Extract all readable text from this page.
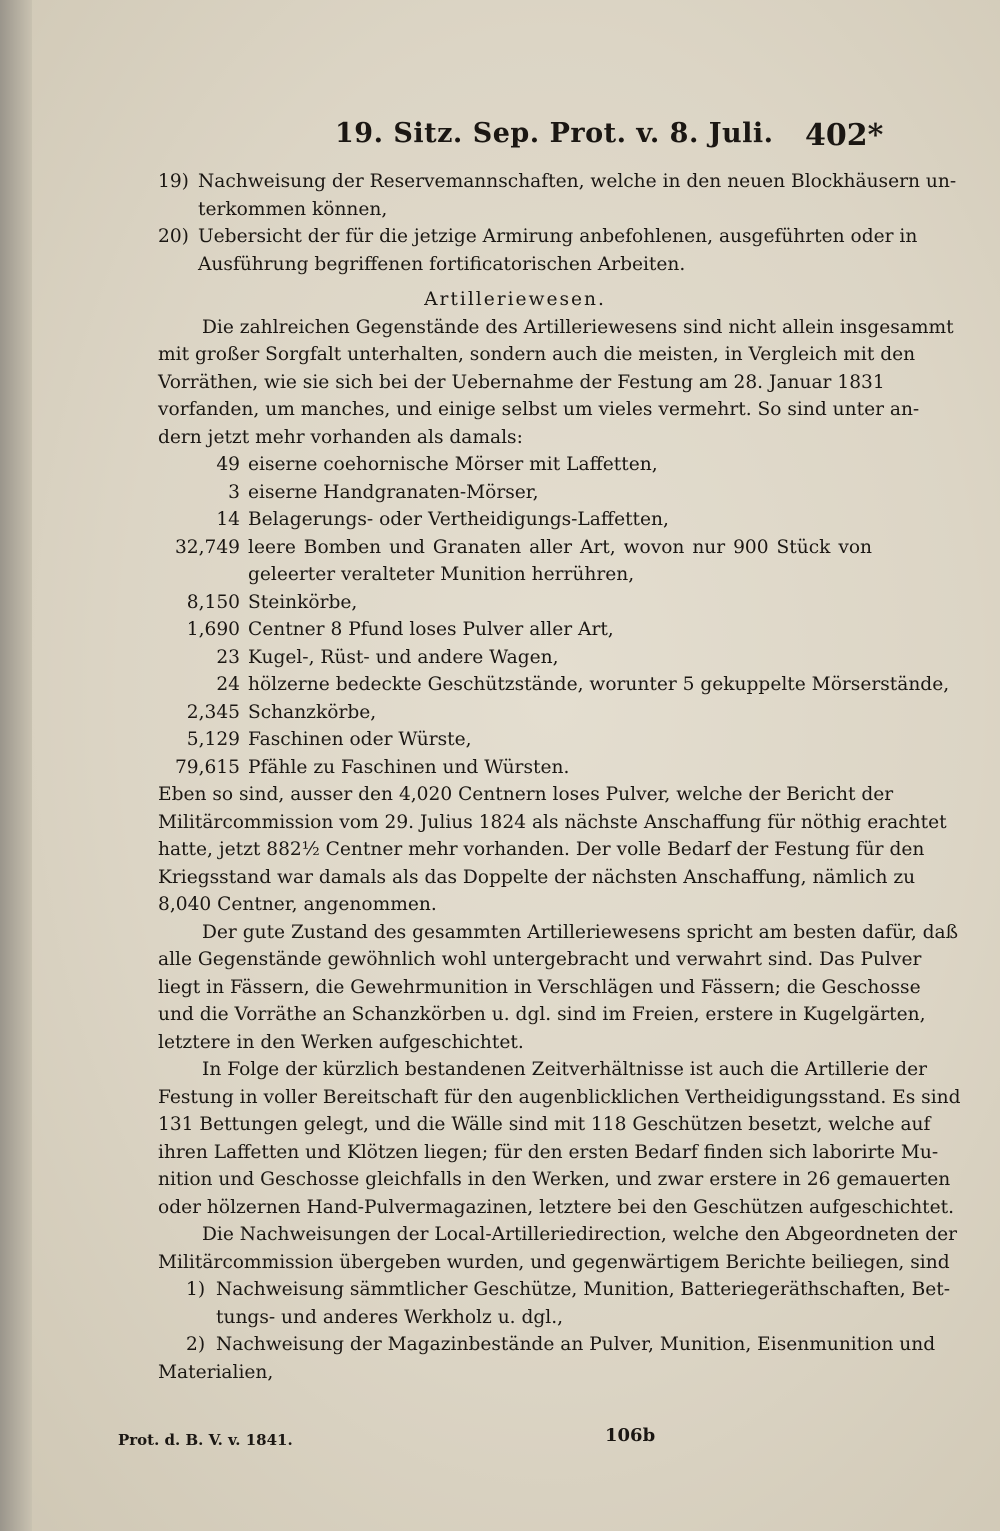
19. Sitz. Sep. Prot. v. 8. Juli. 402*
19) Nachweisung der Reservemannschaften, welche in den neuen Blockhäusern un-
terkommen können,
20) Uebersicht der für die jetzige Armirung anbefohlenen, ausgeführten oder in
Ausführung begriffenen fortificatorischen Arbeiten.
Artilleriewesen.
Die zahlreichen Gegenstände des Artilleriewesens sind nicht allein insgesammt
mit großer Sorgfalt unterhalten, sondern auch die meisten, in Vergleich mit den
Vorräthen, wie sie sich bei der Uebernahme der Festung am 28. Januar 1831
vorfanden, um manches, und einige selbst um vieles vermehrt. So sind unter an-
dern jetzt mehr vorhanden als damals:
49 eiserne coehornische Mörser mit Laffetten,
3 eiserne Handgranaten-Mörser,
14 Belagerungs- oder Vertheidigungs-Laffetten,
32,749 leere Bomben und Granaten aller Art, wovon nur 900 Stück von
geleerter veralteter Munition herrühren,
8,150 Steinkörbe,
1,690 Centner 8 Pfund loses Pulver aller Art,
23 Kugel-, Rüst- und andere Wagen,
24 hölzerne bedeckte Geschützstände, worunter 5 gekuppelte Mörserstände,
2,345 Schanzkörbe,
5,129 Faschinen oder Würste,
79,615 Pfähle zu Faschinen und Würsten.
Eben so sind, ausser den 4,020 Centnern loses Pulver, welche der Bericht der
Militärcommission vom 29. Julius 1824 als nächste Anschaffung für nöthig erachtet
hatte, jetzt 882½ Centner mehr vorhanden. Der volle Bedarf der Festung für den
Kriegsstand war damals als das Doppelte der nächsten Anschaffung, nämlich zu
8,040 Centner, angenommen.
Der gute Zustand des gesammten Artilleriewesens spricht am besten dafür, daß
alle Gegenstände gewöhnlich wohl untergebracht und verwahrt sind. Das Pulver
liegt in Fässern, die Gewehrmunition in Verschlägen und Fässern; die Geschosse
und die Vorräthe an Schanzkörben u. dgl. sind im Freien, erstere in Kugelgärten,
letztere in den Werken aufgeschichtet.
In Folge der kürzlich bestandenen Zeitverhältnisse ist auch die Artillerie der
Festung in voller Bereitschaft für den augenblicklichen Vertheidigungsstand. Es sind
131 Bettungen gelegt, und die Wälle sind mit 118 Geschützen besetzt, welche auf
ihren Laffetten und Klötzen liegen; für den ersten Bedarf finden sich laborirte Mu-
nition und Geschosse gleichfalls in den Werken, und zwar erstere in 26 gemauerten
oder hölzernen Hand-Pulvermagazinen, letztere bei den Geschützen aufgeschichtet.
Die Nachweisungen der Local-Artilleriedirection, welche den Abgeordneten der
Militärcommission übergeben wurden, und gegenwärtigem Berichte beiliegen, sind
1) Nachweisung sämmtlicher Geschütze, Munition, Batteriegeräthschaften, Bet-
tungs- und anderes Werkholz u. dgl.,
2) Nachweisung der Magazinbestände an Pulver, Munition, Eisenmunition und
Materialien,
Prot. d. B. V. v. 1841.	106b
